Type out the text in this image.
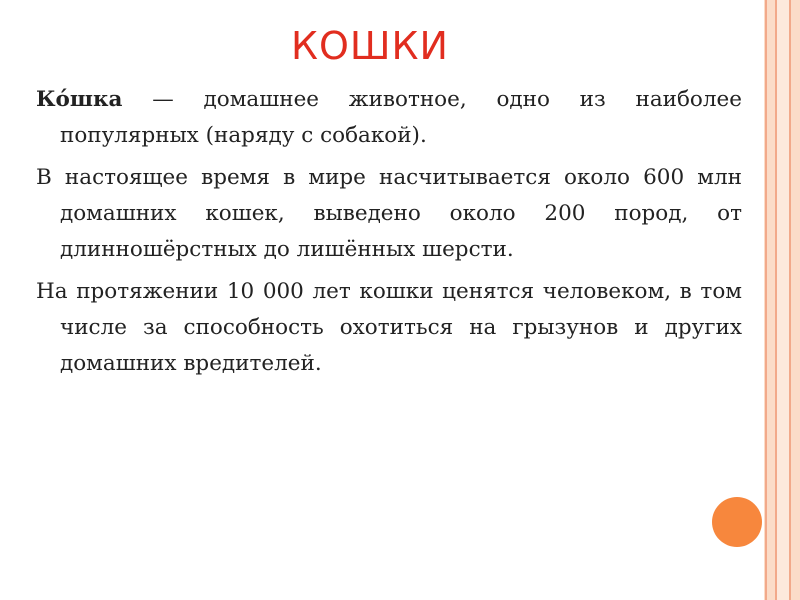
КОШКИ

Ко́шка — домашнее животное, одно из наиболее популярных (наряду с собакой).

В настоящее время в мире насчитывается около 600 млн домашних кошек, выведено около 200 пород, от длинношёрстных до лишённых шерсти.

На протяжении 10 000 лет кошки ценятся человеком, в том числе за способность охотиться на грызунов и других домашних вредителей.
